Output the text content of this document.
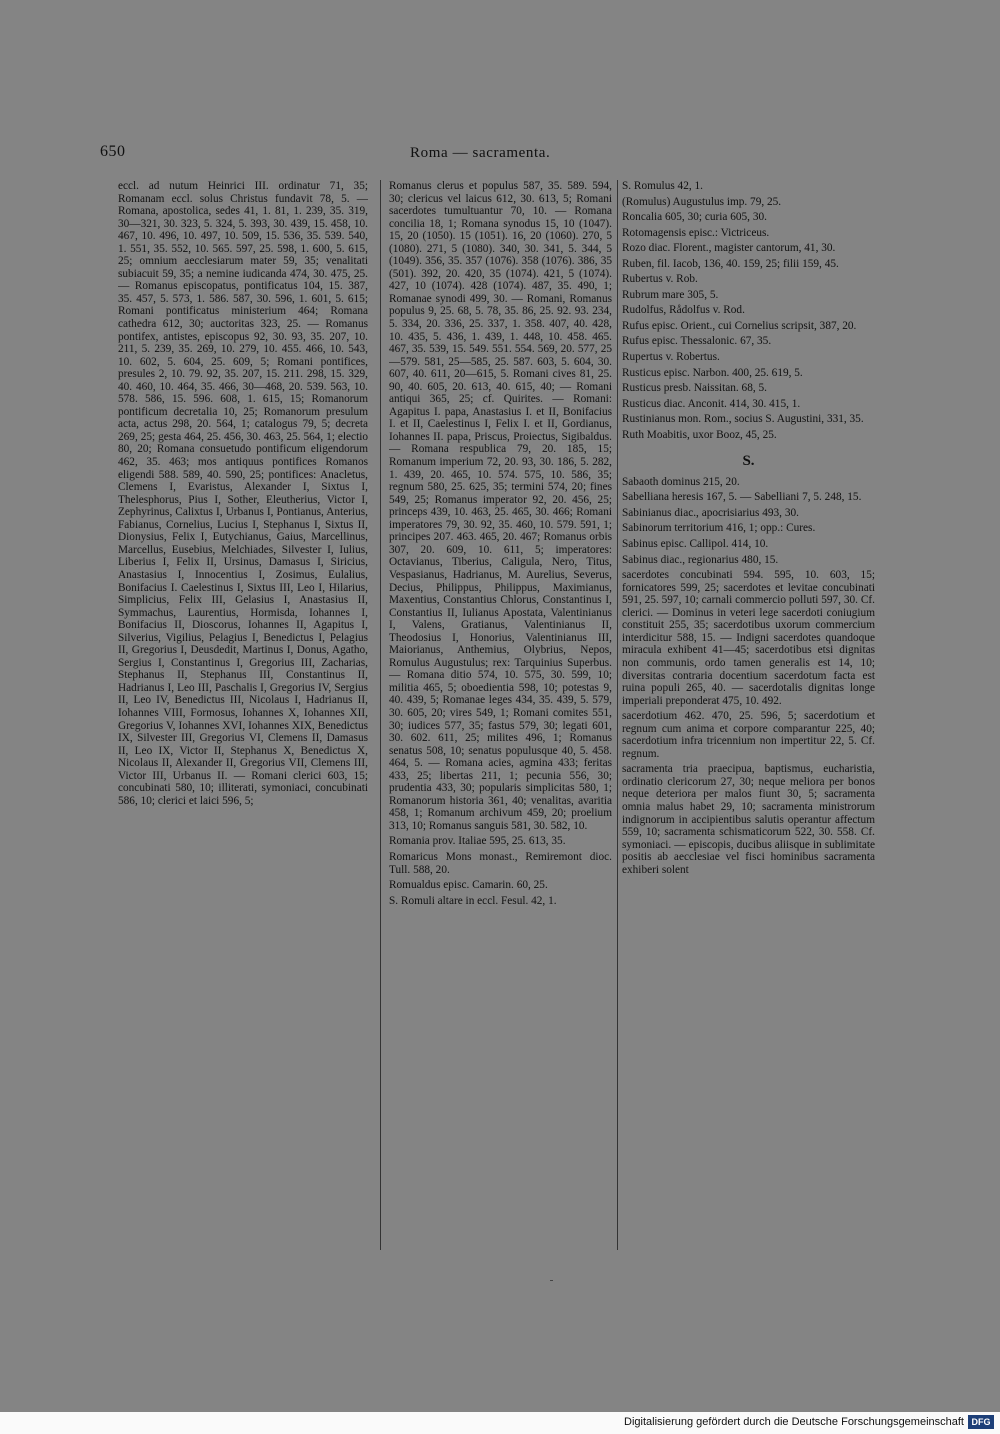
650	Roma — sacramenta.

eccl. ad nutum Heinrici III. ordinatur 71, 35; Romanam eccl. solus Christus fundavit 78, 5. — Romana, apostolica, sedes 41, 1. 81, 1. 239, 35. 319, 30—321, 30. 323, 5. 324, 5. 393, 30. 439, 15. 458, 10. 467, 10. 496, 10. 497, 10. 509, 15. 536, 35. 539. 540, 1. 551, 35. 552, 10. 565. 597, 25. 598, 1. 600, 5. 615, 25; omnium aecclesiarum mater 59, 35; venalitati subiacuit 59, 35; a nemine iudicanda 474, 30. 475, 25. — Romanus episcopatus, pontificatus 104, 15. 387, 35. 457, 5. 573, 1. 586. 587, 30. 596, 1. 601, 5. 615; Romani pontificatus ministerium 464; Romana cathedra 612, 30; auctoritas 323, 25. — Romanus pontifex, antistes, episcopus 92, 30. 93, 35. 207, 10. 211, 5. 239, 35. 269, 10. 279, 10. 455. 466, 10. 543, 10. 602, 5. 604, 25. 609, 5; Romani pontifices, presules 2, 10. 79. 92, 35. 207, 15. 211. 298, 15. 329, 40. 460, 10. 464, 35. 466, 30—468, 20. 539. 563, 10. 578. 586, 15. 596. 608, 1. 615, 15; Romanorum pontificum decretalia 10, 25; Romanorum presulum acta, actus 298, 20. 564, 1; catalogus 79, 5; decreta 269, 25; gesta 464, 25. 456, 30. 463, 25. 564, 1; electio 80, 20; Romana consuetudo pontificum eligendorum 462, 35. 463; mos antiquus pontifices Romanos eligendi 588. 589, 40. 590, 25; pontifices: Anacletus, Clemens I, Evaristus, Alexander I, Sixtus I, Thelesphorus, Pius I, Sother, Eleutherius, Victor I, Zephyrinus, Calixtus I, Urbanus I, Pontianus, Anterius, Fabianus, Cornelius, Lucius I, Stephanus I, Sixtus II, Dionysius, Felix I, Eutychianus, Gaius, Marcellinus, Marcellus, Eusebius, Melchiades, Silvester I, Iulius, Liberius I, Felix II, Ursinus, Damasus I, Siricius, Anastasius I, Innocentius I, Zosimus, Eulalius, Bonifacius I. Caelestinus I, Sixtus III, Leo I, Hilarius, Simplicius, Felix III, Gelasius I, Anastasius II, Symmachus, Laurentius, Hormisda, Iohannes I, Bonifacius II, Dioscorus, Iohannes II, Agapitus I, Silverius, Vigilius, Pelagius I, Benedictus I, Pelagius II, Gregorius I, Deusdedit, Martinus I, Donus, Agatho, Sergius I, Constantinus I, Gregorius III, Zacharias, Stephanus II, Stephanus III, Constantinus II, Hadrianus I, Leo III, Paschalis I, Gregorius IV, Sergius II, Leo IV, Benedictus III, Nicolaus I, Hadrianus II, Iohannes VIII, Formosus, Iohannes X, Iohannes XII, Gregorius V, Iohannes XVI, Iohannes XIX, Benedictus IX, Silvester III, Gregorius VI, Clemens II, Damasus II, Leo IX, Victor II, Stephanus X, Benedictus X, Nicolaus II, Alexander II, Gregorius VII, Clemens III, Victor III, Urbanus II. — Romani clerici 603, 15; concubinati 580, 10; illiterati, symoniaci, concubinati 586, 10; clerici et laici 596, 5;

Romanus clerus et populus 587, 35. 589. 594, 30; clericus vel laicus 612, 30. 613, 5; Romani sacerdotes tumultuantur 70, 10. — Romana concilia 18, 1; Romana synodus 15, 10 (1047). 15, 20 (1050). 15 (1051). 16, 20 (1060). 270, 5 (1080). 271, 5 (1080). 340, 30. 341, 5. 344, 5 (1049). 356, 35. 357 (1076). 358 (1076). 386, 35 (501). 392, 20. 420, 35 (1074). 421, 5 (1074). 427, 10 (1074). 428 (1074). 487, 35. 490, 1; Romanae synodi 499, 30. — Romani, Romanus populus 9, 25. 68, 5. 78, 35. 86, 25. 92. 93. 234, 5. 334, 20. 336, 25. 337, 1. 358. 407, 40. 428, 10. 435, 5. 436, 1. 439, 1. 448, 10. 458. 465. 467, 35. 539, 15. 549. 551. 554. 569, 20. 577, 25—579. 581, 25—585, 25. 587. 603, 5. 604, 30. 607, 40. 611, 20—615, 5. Romani cives 81, 25. 90, 40. 605, 20. 613, 40. 615, 40; — Romani antiqui 365, 25; cf. Quirites. — Romani: Agapitus I. papa, Anastasius I. et II, Bonifacius I. et II, Caelestinus I, Felix I. et II, Gordianus, Iohannes II. papa, Priscus, Proiectus, Sigibaldus. — Romana respublica 79, 20. 185, 15; Romanum imperium 72, 20. 93, 30. 186, 5. 282, 1. 439, 20. 465, 10. 574. 575, 10. 586, 35; regnum 580, 25. 625, 35; termini 574, 20; fines 549, 25; Romanus imperator 92, 20. 456, 25; princeps 439, 10. 463, 25. 465, 30. 466; Romani imperatores 79, 30. 92, 35. 460, 10. 579. 591, 1; principes 207. 463. 465, 20. 467; Romanus orbis 307, 20. 609, 10. 611, 5; imperatores: Octavianus, Tiberius, Caligula, Nero, Titus, Vespasianus, Hadrianus, M. Aurelius, Severus, Decius, Philippus, Philippus, Maximianus, Maxentius, Constantius Chlorus, Constantinus I, Constantius II, Iulianus Apostata, Valentinianus I, Valens, Gratianus, Valentinianus II, Theodosius I, Honorius, Valentinianus III, Maiorianus, Anthemius, Olybrius, Nepos, Romulus Augustulus; rex: Tarquinius Superbus. — Romana ditio 574, 10. 575, 30. 599, 10; militia 465, 5; oboedientia 598, 10; potestas 9, 40. 439, 5; Romanae leges 434, 35. 439, 5. 579, 30. 605, 20; vires 549, 1; Romani comites 551, 30; iudices 577, 35; fastus 579, 30; legati 601, 30. 602. 611, 25; milites 496, 1; Romanus senatus 508, 10; senatus populusque 40, 5. 458. 464, 5. — Romana acies, agmina 433; feritas 433, 25; libertas 211, 1; pecunia 556, 30; prudentia 433, 30; popularis simplicitas 580, 1; Romanorum historia 361, 40; venalitas, avaritia 458, 1; Romanum archivum 459, 20; proelium 313, 10; Romanus sanguis 581, 30. 582, 10.

Romania prov. Italiae 595, 25. 613, 35.

Romaricus Mons monast., Remiremont dioc. Tull. 588, 20.

Romualdus episc. Camarin. 60, 25.

S. Romuli altare in eccl. Fesul. 42, 1.

S. Romulus 42, 1.

(Romulus) Augustulus imp. 79, 25.

Roncalia 605, 30; curia 605, 30.

Rotomagensis episc.: Victriceus.

Rozo diac. Florent., magister cantorum, 41, 30.

Ruben, fil. Iacob, 136, 40. 159, 25; filii 159, 45.

Rubertus v. Rob.

Rubrum mare 305, 5.

Rudolfus, Rådolfus v. Rod.

Rufus episc. Orient., cui Cornelius scripsit, 387, 20.

Rufus episc. Thessalonic. 67, 35.

Rupertus v. Robertus.

Rusticus episc. Narbon. 400, 25. 619, 5.

Rusticus presb. Naissitan. 68, 5.

Rusticus diac. Anconit. 414, 30. 415, 1.

Rustinianus mon. Rom., socius S. Augustini, 331, 35.

Ruth Moabitis, uxor Booz, 45, 25.

S.

Sabaoth dominus 215, 20.

Sabelliana heresis 167, 5. — Sabelliani 7, 5. 248, 15.

Sabinianus diac., apocrisiarius 493, 30.

Sabinorum territorium 416, 1; opp.: Cures.

Sabinus episc. Callipol. 414, 10.

Sabinus diac., regionarius 480, 15.

sacerdotes concubinati 594. 595, 10. 603, 15; fornicatores 599, 25; sacerdotes et levitae concubinati 591, 25. 597, 10; carnali commercio polluti 597, 30. Cf. clerici. — Dominus in veteri lege sacerdoti coniugium constituit 255, 35; sacerdotibus uxorum commercium interdicitur 588, 15. — Indigni sacerdotes quandoque miracula exhibent 41—45; sacerdotibus etsi dignitas non communis, ordo tamen generalis est 14, 10; diversitas contraria docentium sacerdotum facta est ruina populi 265, 40. — sacerdotalis dignitas longe imperiali preponderat 475, 10. 492.

sacerdotium 462. 470, 25. 596, 5; sacerdotium et regnum cum anima et corpore comparantur 225, 40; sacerdotium infra tricennium non impertitur 22, 5. Cf. regnum.

sacramenta tria praecipua, baptismus, eucharistia, ordinatio clericorum 27, 30; neque meliora per bonos neque deteriora per malos fiunt 30, 5; sacramenta omnia malus habet 29, 10; sacramenta ministrorum indignorum in accipientibus salutis operantur affectum 559, 10; sacramenta schismaticorum 522, 30. 558. Cf. symoniaci. — episcopis, ducibus aliisque in sublimitate positis ab aecclesiae vel fisci hominibus sacramenta exhiberi solent

Digitalisierung gefördert durch die Deutsche Forschungsgemeinschaft DFG
